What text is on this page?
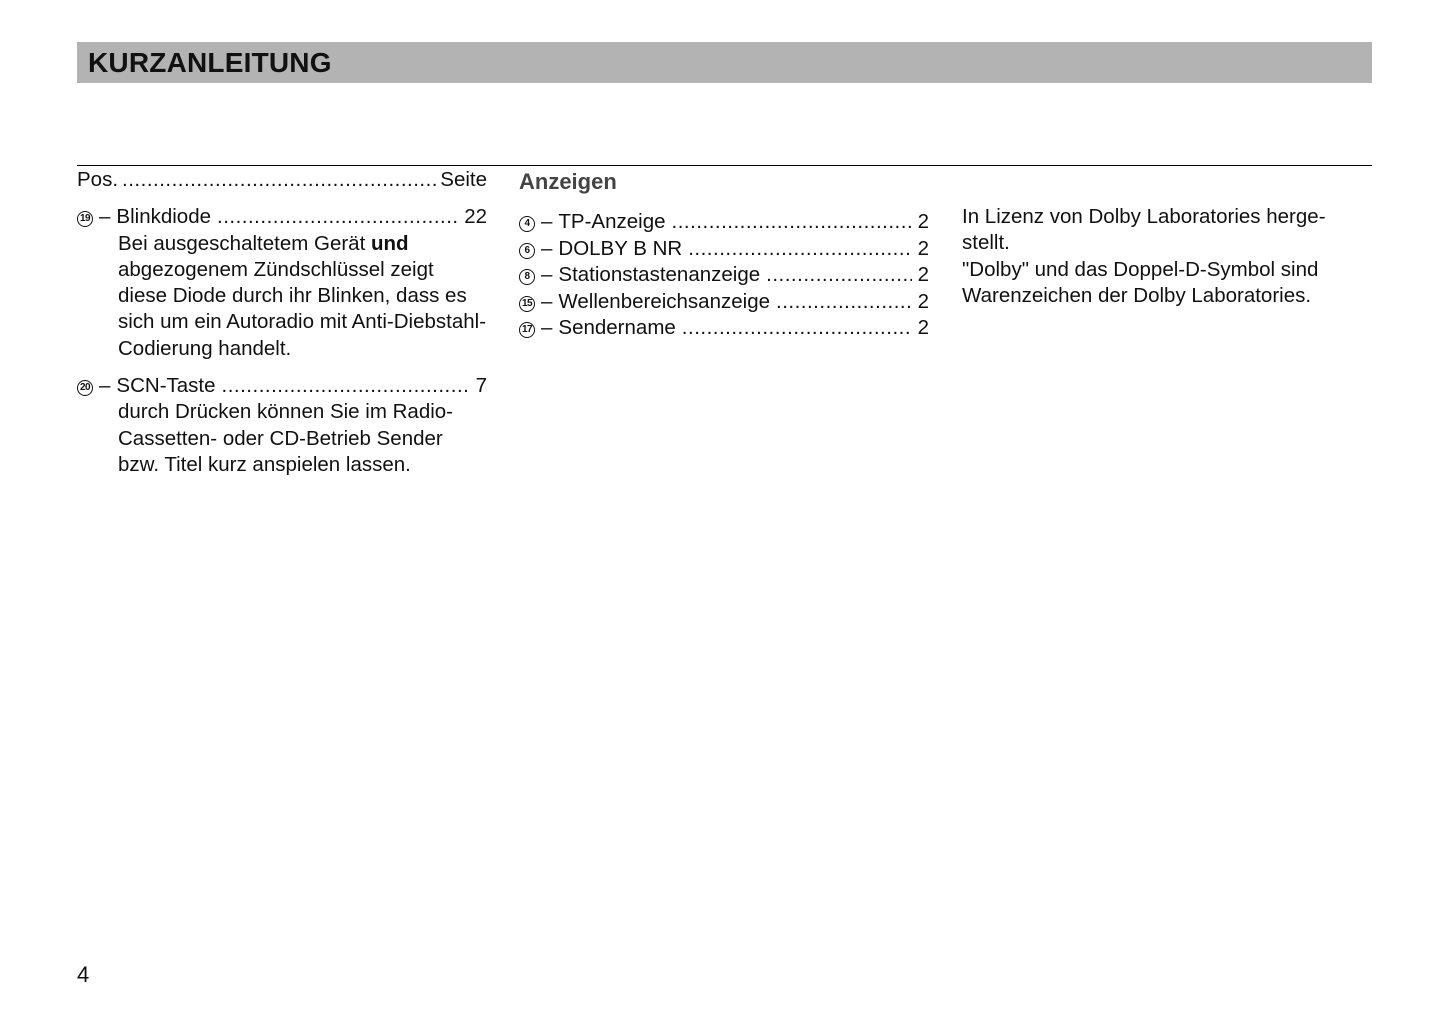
KURZANLEITUNG
Pos. .....	Seite
19 – Blinkdiode .....	22
Bei ausgeschaltetem Gerät und abgezogenem Zündschlüssel zeigt diese Diode durch ihr Blinken, dass es sich um ein Autoradio mit Anti-Diebstahl-Codierung handelt.
20 – SCN-Taste .....	7
durch Drücken können Sie im Radio-Cassetten- oder CD-Betrieb Sender bzw. Titel kurz anspielen lassen.
Anzeigen
4 – TP-Anzeige .....	2
6 – DOLBY B NR .....	2
8 – Stationstastenanzeige .....	2
15 – Wellenbereichsanzeige .....	2
17 – Sendername .....	2

In Lizenz von Dolby Laboratories herge-stellt.

"Dolby" und das Doppel-D-Symbol sind Warenzeichen der Dolby Laboratories.

4
